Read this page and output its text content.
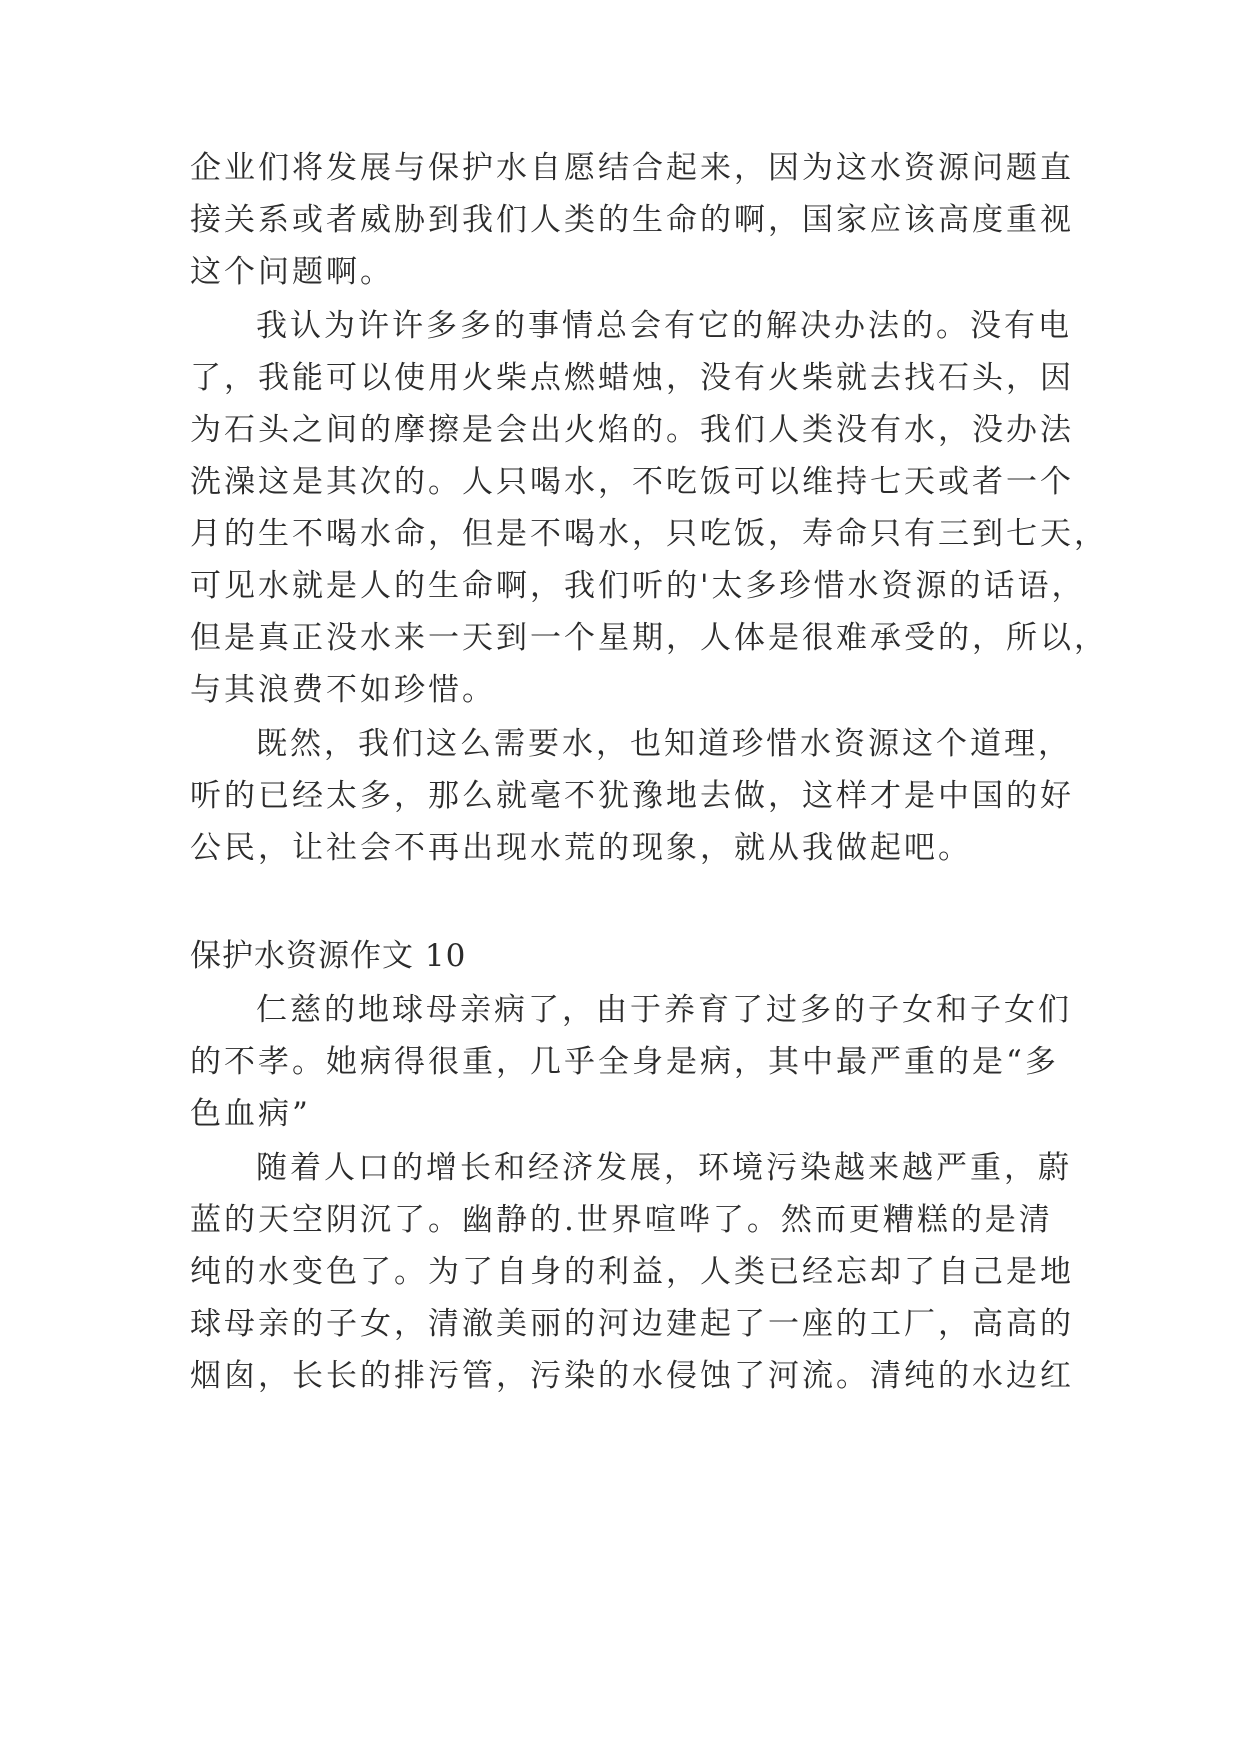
企业们将发展与保护水自愿结合起来，因为这水资源问题直
接关系或者威胁到我们人类的生命的啊，国家应该高度重视
这个问题啊。
我认为许许多多的事情总会有它的解决办法的。没有电
了，我能可以使用火柴点燃蜡烛，没有火柴就去找石头，因
为石头之间的摩擦是会出火焰的。我们人类没有水，没办法
洗澡这是其次的。人只喝水，不吃饭可以维持七天或者一个
月的生不喝水命，但是不喝水，只吃饭，寿命只有三到七天，
可见水就是人的生命啊，我们听的'太多珍惜水资源的话语，
但是真正没水来一天到一个星期，人体是很难承受的，所以，
与其浪费不如珍惜。
既然，我们这么需要水，也知道珍惜水资源这个道理，
听的已经太多，那么就毫不犹豫地去做，这样才是中国的好
公民，让社会不再出现水荒的现象，就从我做起吧。
保护水资源作文 10
仁慈的地球母亲病了，由于养育了过多的子女和子女们
的不孝。她病得很重，几乎全身是病，其中最严重的是“多
色血病”
随着人口的增长和经济发展，环境污染越来越严重，蔚
蓝的天空阴沉了。幽静的.世界喧哗了。然而更糟糕的是清
纯的水变色了。为了自身的利益，人类已经忘却了自己是地
球母亲的子女，清澈美丽的河边建起了一座的工厂，高高的
烟囱，长长的排污管，污染的水侵蚀了河流。清纯的水边红
